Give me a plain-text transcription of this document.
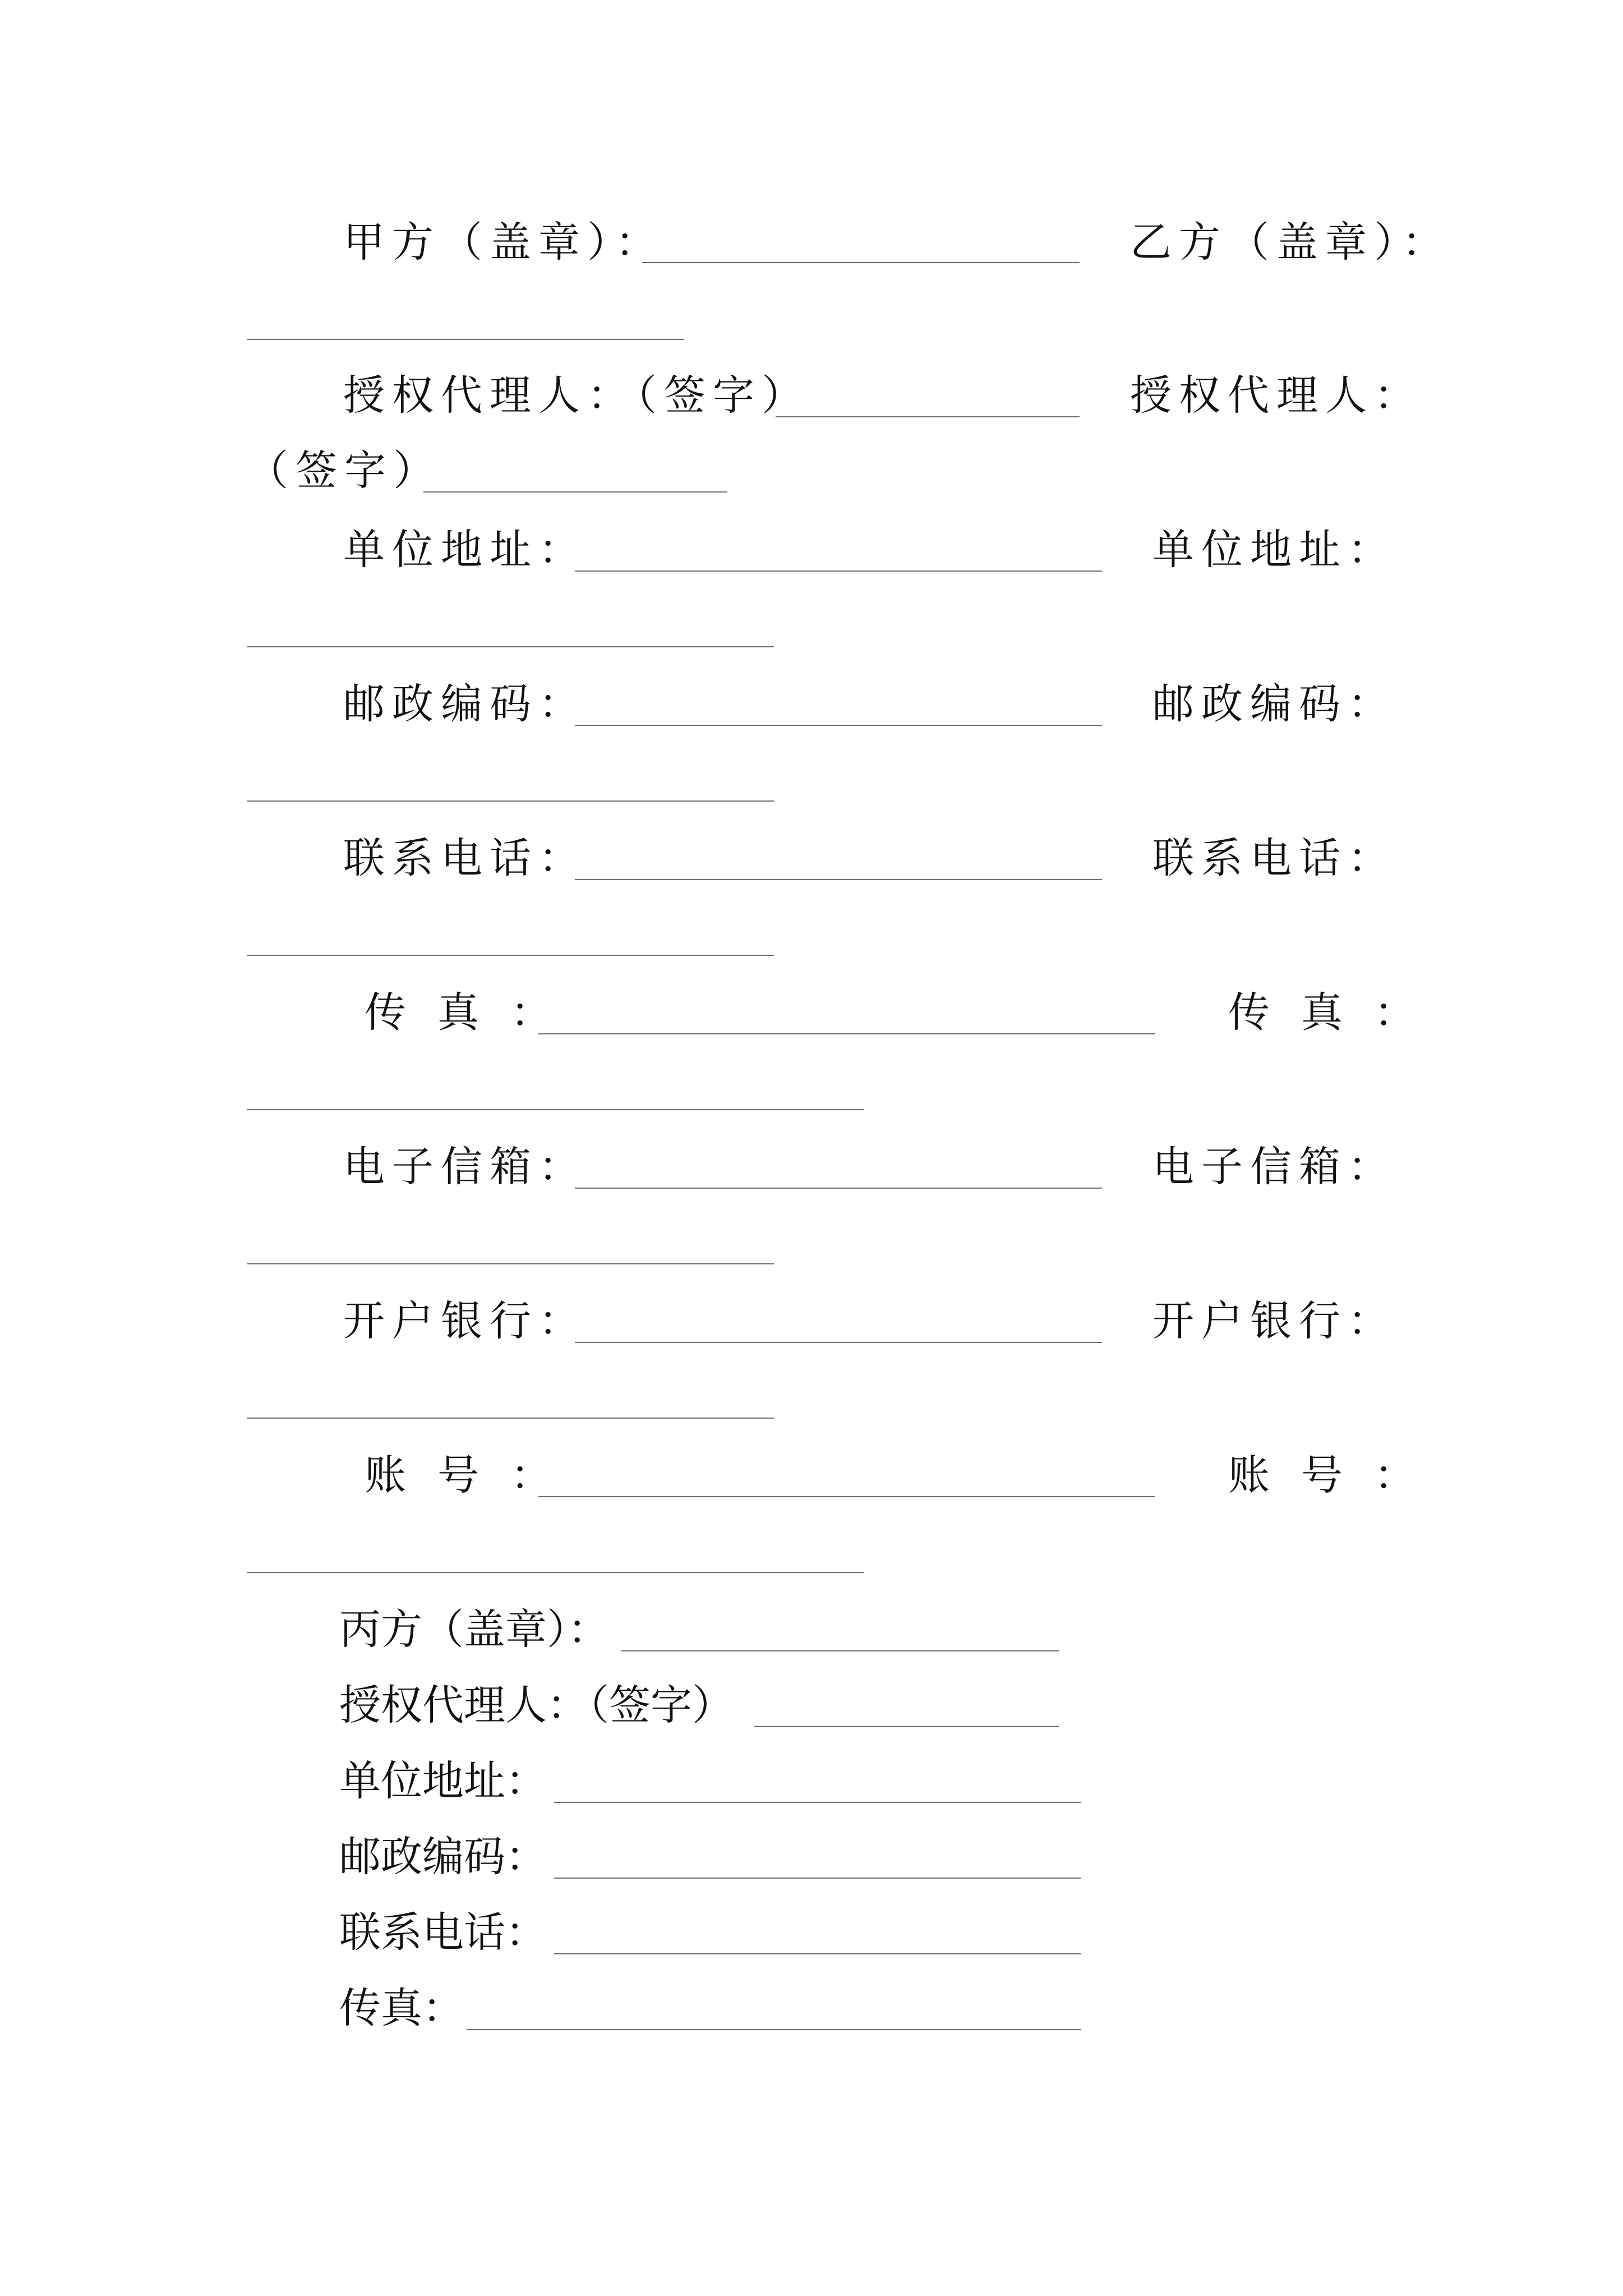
甲方（盖章）：	乙方（盖章）：
授权代理人：（签字）	授权代理人：
（签字）
单位地址：	单位地址：
邮政编码：	邮政编码：
联系电话：	联系电话：
传真：	传真：
电子信箱：	电子信箱：
开户银行：	开户银行：
账号：	账号：
丙方（盖章）：
授权代理人：（签字）
单位地址：
邮政编码：
联系电话：
传真：
